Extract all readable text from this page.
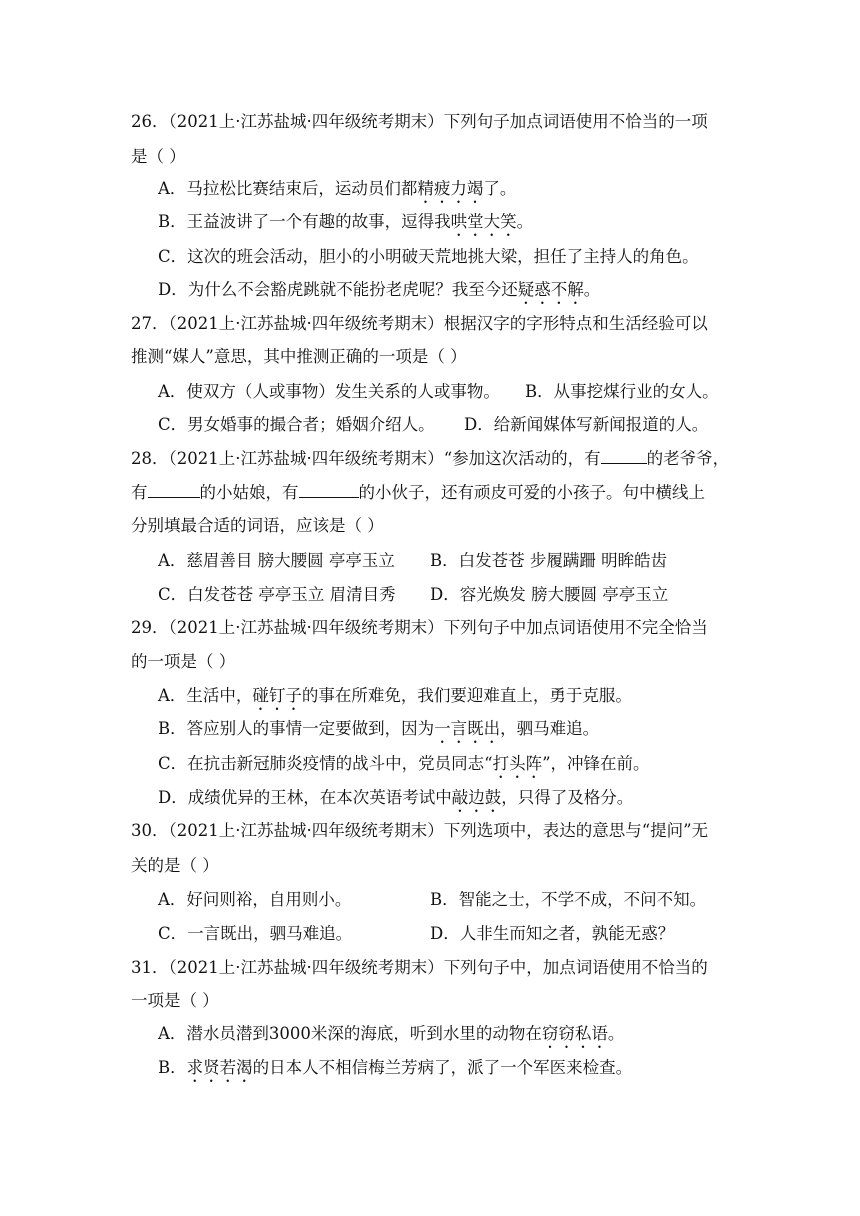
26．（2021上·江苏盐城·四年级统考期末）下列句子加点词语使用不恰当的一项
是（ ）
A．马拉松比赛结束后，运动员们都精疲力竭了。
B．王益波讲了一个有趣的故事，逗得我哄堂大笑。
C．这次的班会活动，胆小的小明破天荒地挑大梁，担任了主持人的角色。
D．为什么不会豁虎跳就不能扮老虎呢？我至今还疑惑不解。
27．（2021上·江苏盐城·四年级统考期末）根据汉字的字形特点和生活经验可以
推测“媒人”意思，其中推测正确的一项是（ ）
A．使双方（人或事物）发生关系的人或事物。 B．从事挖煤行业的女人。
C．男女婚事的撮合者；婚姻介绍人。 D．给新闻媒体写新闻报道的人。
28．（2021上·江苏盐城·四年级统考期末）“参加这次活动的，有	的老爷爷，
有	的小姑娘，有	的小伙子，还有顽皮可爱的小孩子。句中横线上
分别填最合适的词语，应该是（ ）
A．慈眉善目 膀大腰圆 亭亭玉立 B．白发苍苍 步履蹒跚 明眸皓齿
C．白发苍苍 亭亭玉立 眉清目秀 D．容光焕发 膀大腰圆 亭亭玉立
29．（2021上·江苏盐城·四年级统考期末）下列句子中加点词语使用不完全恰当
的一项是（ ）
A．生活中，碰钉子的事在所难免，我们要迎难直上，勇于克服。
B．答应别人的事情一定要做到，因为一言既出，驷马难追。
C．在抗击新冠肺炎疫情的战斗中，党员同志“打头阵”，冲锋在前。
D．成绩优异的王林，在本次英语考试中敲边鼓，只得了及格分。
30．（2021上·江苏盐城·四年级统考期末）下列选项中，表达的意思与“提问”无
关的是（ ）
A．好问则裕，自用则小。	B．智能之士，不学不成，不问不知。
C．一言既出，驷马难追。	D．人非生而知之者，孰能无惑？
31．（2021上·江苏盐城·四年级统考期末）下列句子中，加点词语使用不恰当的
一项是（ ）
A．潜水员潜到3000米深的海底，听到水里的动物在窃窃私语。
B．求贤若渴的日本人不相信梅兰芳病了，派了一个军医来检查。
